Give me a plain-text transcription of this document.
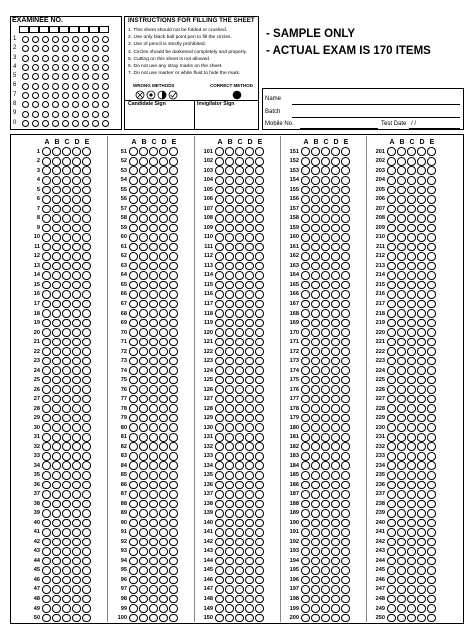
EXAMINEE NO.
1
2
3
4
5
6
7
8
9
0
INSTRUCTIONS FOR FILLING THE SHEET
1. This sheet should not be folded or crushed.
2. Use only black ball point pen to fill the circles.
3. Use of pencil is strictly prohibited.
4. Circles should be darkened completely and properly.
5. Cutting on this sheet is not allowed.
6. Do not use any stray marks on the sheet.
7. Do not use marker or white fluid to hide the mark.
WRONG METHODS	CORRECT METHOD
Candidate Sign	Invigilator Sign
- SAMPLE ONLY
- ACTUAL EXAM IS 170 ITEMS
Name
Batch
Mobile No.	Test Date / /
A B C D E
1
2
3
4
5
6
7
8
9
10
11
12
13
14
15
16
17
18
19
20
21
22
23
24
25
26
27
28
29
30
31
32
33
34
35
36
37
38
39
40
41
42
43
44
45
46
47
48
49
50
A B C D E
51
52
53
54
55
56
57
58
59
60
61
62
63
64
65
66
67
68
69
70
71
72
73
74
75
76
77
78
79
80
81
82
83
84
85
86
87
88
89
90
91
92
93
94
95
96
97
98
99
100
A B C D E
101
102
103
104
105
106
107
108
109
110
111
112
113
114
115
116
117
118
119
120
121
122
123
124
125
126
127
128
129
130
131
132
133
134
135
136
137
138
139
140
141
142
143
144
145
146
147
148
149
150
A B C D E
151
152
153
154
155
156
157
158
159
160
161
162
163
164
165
166
167
168
169
170
171
172
173
174
175
176
177
178
179
180
181
182
183
184
185
186
187
188
189
190
191
192
193
194
195
196
197
198
199
200
A B C D E
201
202
203
204
205
206
207
208
209
210
211
212
213
214
215
216
217
218
219
220
221
222
223
224
225
226
227
228
229
230
231
232
233
234
235
236
237
238
239
240
241
242
243
244
245
246
247
248
249
250
